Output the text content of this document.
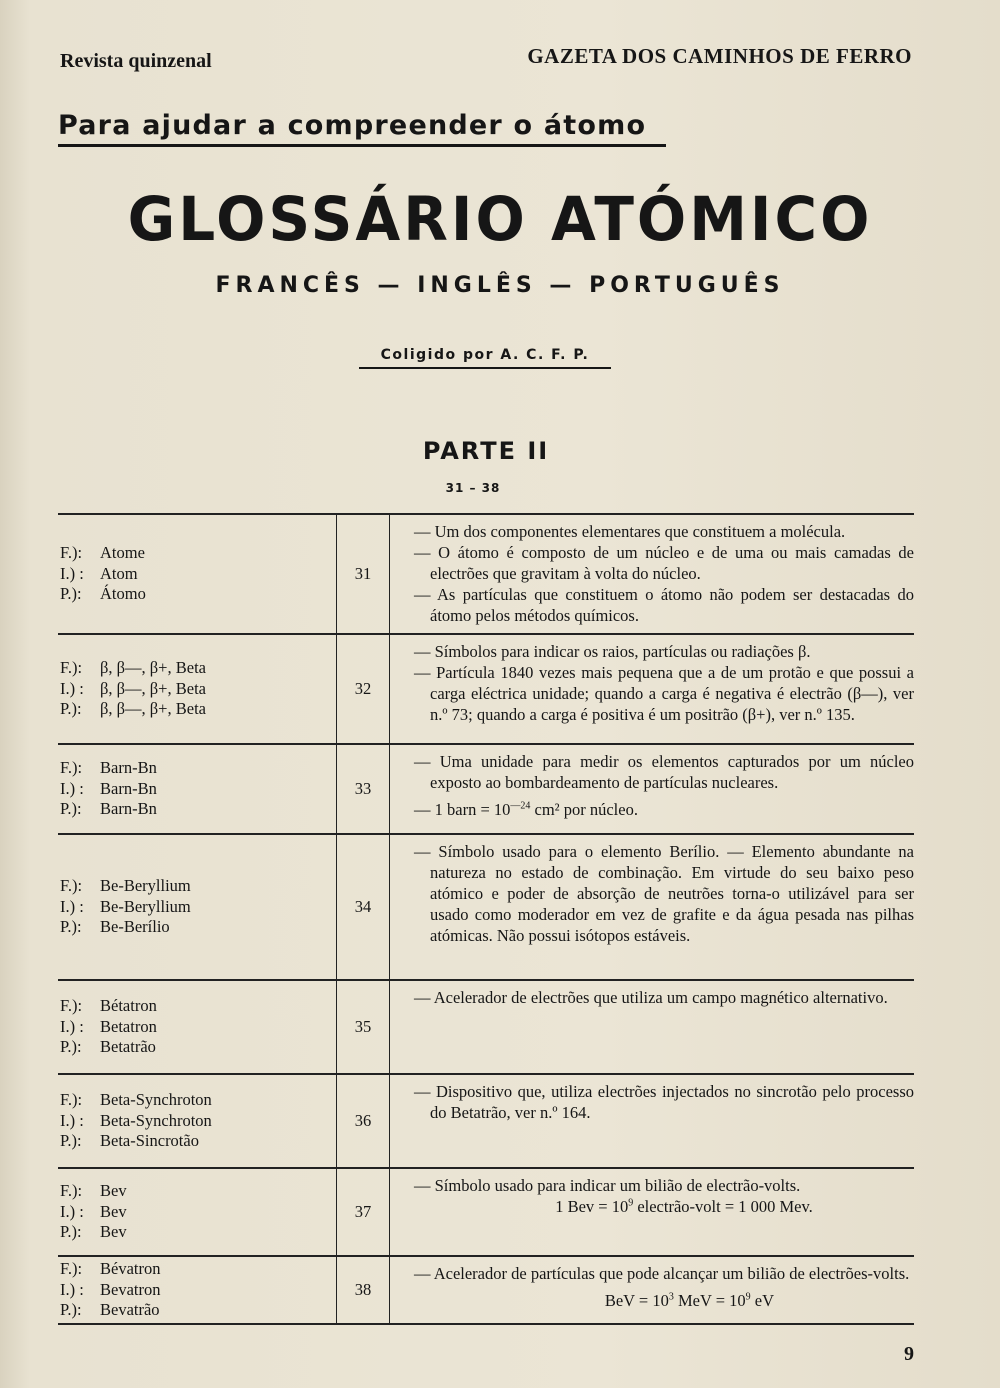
Revista quinzenal	GAZETA DOS CAMINHOS DE FERRO
Para ajudar a compreender o átomo
GLOSSÁRIO ATÓMICO
FRANCÊS — INGLÊS — PORTUGUÊS
Coligido por A. C. F. P.
PARTE II
31 – 38
F.): Atome
I.) : Atom
P.): Átomo
31
— Um dos componentes elementares que constituem a molécula.
— O átomo é composto de um núcleo e de uma ou mais camadas de electrões que gravitam à volta do núcleo.
— As partículas que constituem o átomo não podem ser destacadas do átomo pelos métodos químicos.
F.): β, β—, β+, Beta
I.) : β, β—, β+, Beta
P.): β, β—, β+, Beta
32
— Símbolos para indicar os raios, partículas ou radiações β.
— Partícula 1840 vezes mais pequena que a de um protão e que possui a carga eléctrica unidade; quando a carga é negativa é electrão (β—), ver n.º 73; quando a carga é positiva é um positrão (β+), ver n.º 135.
F.): Barn-Bn
I.) : Barn-Bn
P.): Barn-Bn
33
— Uma unidade para medir os elementos capturados por um núcleo exposto ao bombardeamento de partículas nucleares.
— 1 barn = $10^{—24}$ cm² por núcleo.
F.): Be-Beryllium
I.) : Be-Beryllium
P.): Be-Berílio
34
— Símbolo usado para o elemento Berílio. — Elemento abundante na natureza no estado de combinação. Em virtude do seu baixo peso atómico e poder de absorção de neutrões torna-o utilizável para ser usado como moderador em vez de grafite e da água pesada nas pilhas atómicas. Não possui isótopos estáveis.
F.): Bétatron
I.) : Betatron
P.): Betatrão
35
— Acelerador de electrões que utiliza um campo magnético alternativo.
F.): Beta-Synchroton
I.) : Beta-Synchroton
P.): Beta-Sincrotão
36
— Dispositivo que, utiliza electrões injectados no sincrotão pelo processo do Betatrão, ver n.º 164.
F.): Bev
I.) : Bev
P.): Bev
37
— Símbolo usado para indicar um bilião de electrão-volts.
1 Bev = $10^9$ electrão-volt = 1 000 Mev.
F.): Bévatron
I.) : Bevatron
P.): Bevatrão
38
— Acelerador de partículas que pode alcançar um bilião de electrões-volts.
BeV = $10^3$ MeV = $10^9$ eV
9
